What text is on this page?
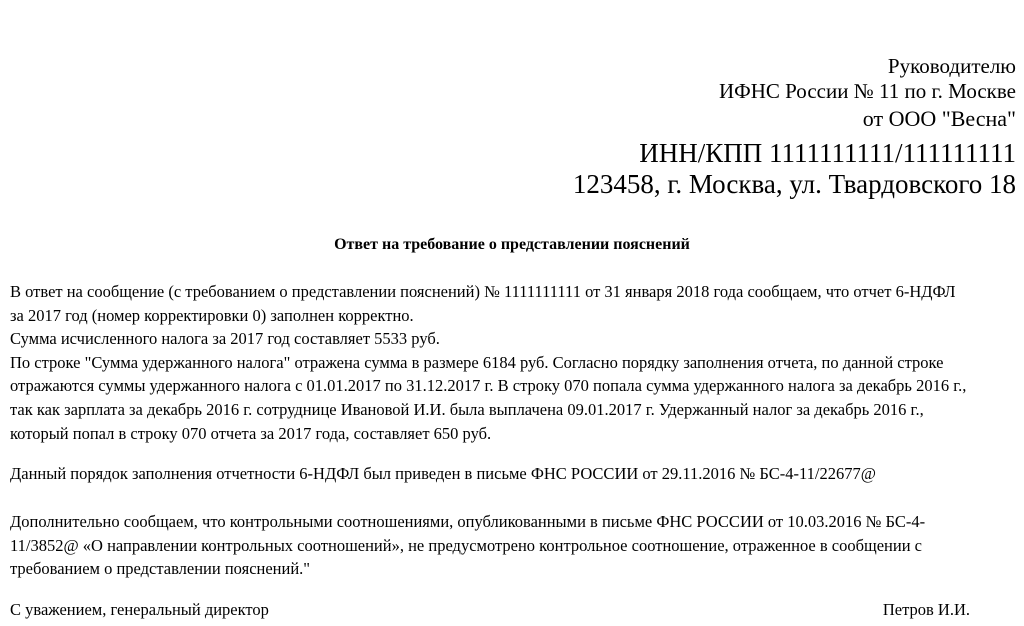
Руководителю
ИФНС России № 11 по г. Москве
от ООО "Весна"
ИНН/КПП 1111111111/111111111
123458, г. Москва, ул. Твардовского 18
Ответ на требование о представлении пояснений
В ответ на сообщение (с требованием о представлении пояснений) № 1111111111 от 31 января 2018 года сообщаем, что отчет 6-НДФЛ
за 2017 год (номер корректировки 0) заполнен корректно.
Сумма исчисленного налога за 2017 год составляет 5533 руб.
По строке "Сумма удержанного налога" отражена сумма в размере 6184 руб. Согласно порядку заполнения отчета, по данной строке
отражаются суммы удержанного налога с 01.01.2017 по 31.12.2017 г. В строку 070 попала сумма удержанного налога за декабрь 2016 г.,
так как зарплата за декабрь 2016 г. сотруднице Ивановой И.И. была выплачена 09.01.2017 г. Удержанный налог за декабрь 2016 г.,
который попал в строку 070 отчета за 2017 года, составляет 650 руб.
Данный порядок заполнения отчетности 6-НДФЛ был приведен в письме ФНС РОССИИ от 29.11.2016 № БС-4-11/22677@
Дополнительно сообщаем, что контрольными соотношениями, опубликованными в письме ФНС РОССИИ от 10.03.2016 № БС-4-
11/3852@ «О направлении контрольных соотношений», не предусмотрено контрольное соотношение, отраженное в сообщении с
требованием о представлении пояснений."
С уважением, генеральный директор	Петров И.И.
